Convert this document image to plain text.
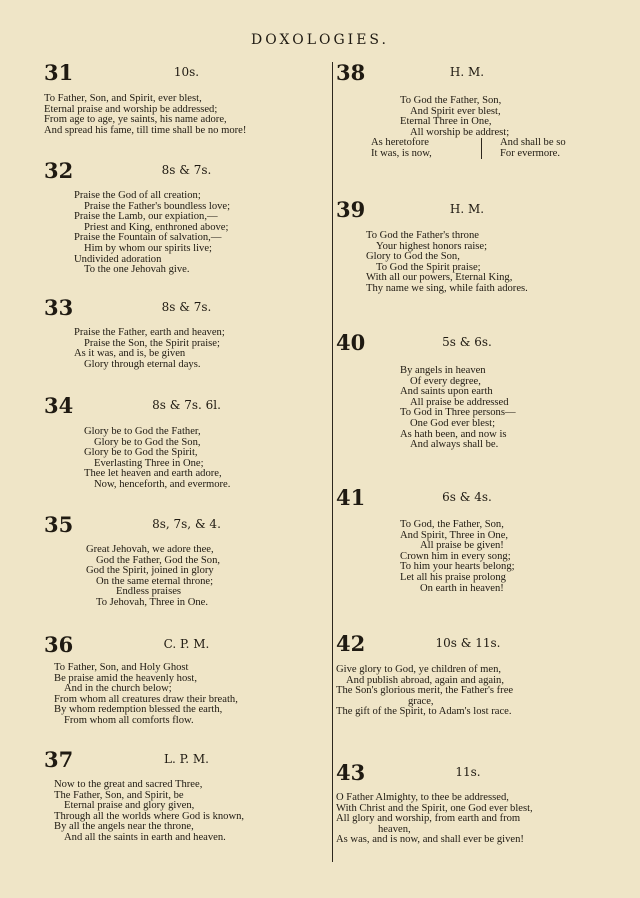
DOXOLOGIES.
31	10s.
To Father, Son, and Spirit, ever blest,
Eternal praise and worship be addressed;
From age to age, ye saints, his name adore,
And spread his fame, till time shall be no more!
32	8s & 7s.
Praise the God of all creation;
Praise the Father's boundless love;
Praise the Lamb, our expiation,—
Priest and King, enthroned above;
Praise the Fountain of salvation,—
Him by whom our spirits live;
Undivided adoration
To the one Jehovah give.
33	8s & 7s.
Praise the Father, earth and heaven;
Praise the Son, the Spirit praise;
As it was, and is, be given
Glory through eternal days.
34	8s & 7s. 6l.
Glory be to God the Father,
Glory be to God the Son,
Glory be to God the Spirit,
Everlasting Three in One;
Thee let heaven and earth adore,
Now, henceforth, and evermore.
35	8s, 7s, & 4.
Great Jehovah, we adore thee,
God the Father, God the Son,
God the Spirit, joined in glory
On the same eternal throne;
Endless praises
To Jehovah, Three in One.
36	C. P. M.
To Father, Son, and Holy Ghost
Be praise amid the heavenly host,
And in the church below;
From whom all creatures draw their breath,
By whom redemption blessed the earth,
From whom all comforts flow.
37	L. P. M.
Now to the great and sacred Three,
The Father, Son, and Spirit, be
Eternal praise and glory given,
Through all the worlds where God is known,
By all the angels near the throne,
And all the saints in earth and heaven.
38	H. M.
To God the Father, Son,
And Spirit ever blest,
Eternal Three in One,
All worship be addrest;
As heretofore	And shall be so
It was, is now,	For evermore.
39	H. M.
To God the Father's throne
Your highest honors raise;
Glory to God the Son,
To God the Spirit praise;
With all our powers, Eternal King,
Thy name we sing, while faith adores.
40	5s & 6s.
By angels in heaven
Of every degree,
And saints upon earth
All praise be addressed
To God in Three persons—
One God ever blest;
As hath been, and now is
And always shall be.
41	6s & 4s.
To God, the Father, Son,
And Spirit, Three in One,
All praise be given!
Crown him in every song;
To him your hearts belong;
Let all his praise prolong
On earth in heaven!
42	10s & 11s.
Give glory to God, ye children of men,
And publish abroad, again and again,
The Son's glorious merit, the Father's free
grace,
The gift of the Spirit, to Adam's lost race.
43	11s.
O Father Almighty, to thee be addressed,
With Christ and the Spirit, one God ever blest,
All glory and worship, from earth and from
heaven,
As was, and is now, and shall ever be given!
